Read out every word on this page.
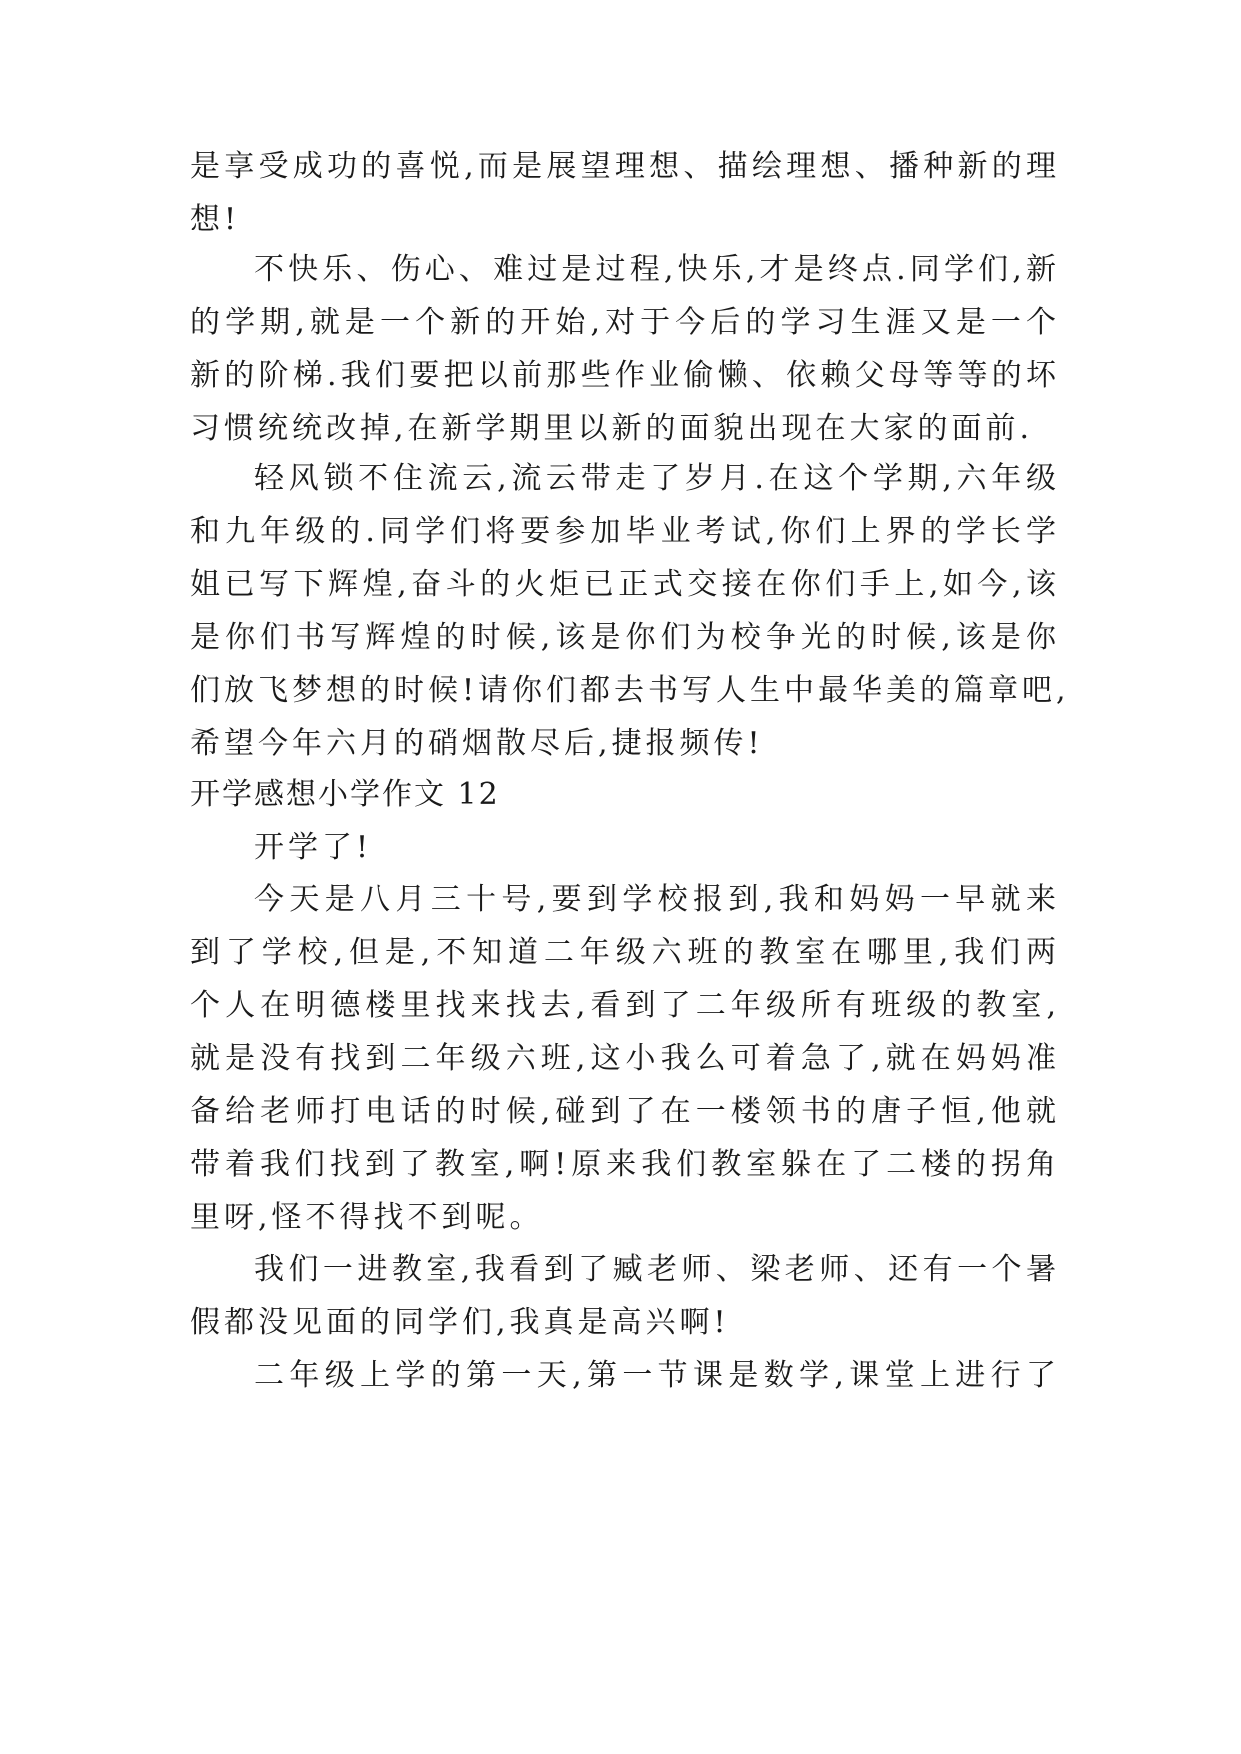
是享受成功的喜悦,而是展望理想、描绘理想、播种新的理
想!
不快乐、伤心、难过是过程,快乐,才是终点.同学们,新
的学期,就是一个新的开始,对于今后的学习生涯又是一个
新的阶梯.我们要把以前那些作业偷懒、依赖父母等等的坏
习惯统统改掉,在新学期里以新的面貌出现在大家的面前.
轻风锁不住流云,流云带走了岁月.在这个学期,六年级
和九年级的.同学们将要参加毕业考试,你们上界的学长学
姐已写下辉煌,奋斗的火炬已正式交接在你们手上,如今,该
是你们书写辉煌的时候,该是你们为校争光的时候,该是你
们放飞梦想的时候!请你们都去书写人生中最华美的篇章吧,
希望今年六月的硝烟散尽后,捷报频传!
开学感想小学作文 12
开学了!
今天是八月三十号,要到学校报到,我和妈妈一早就来
到了学校,但是,不知道二年级六班的教室在哪里,我们两
个人在明德楼里找来找去,看到了二年级所有班级的教室,
就是没有找到二年级六班,这小我么可着急了,就在妈妈准
备给老师打电话的时候,碰到了在一楼领书的唐子恒,他就
带着我们找到了教室,啊!原来我们教室躲在了二楼的拐角
里呀,怪不得找不到呢。
我们一进教室,我看到了臧老师、梁老师、还有一个暑
假都没见面的同学们,我真是高兴啊!
二年级上学的第一天,第一节课是数学,课堂上进行了
